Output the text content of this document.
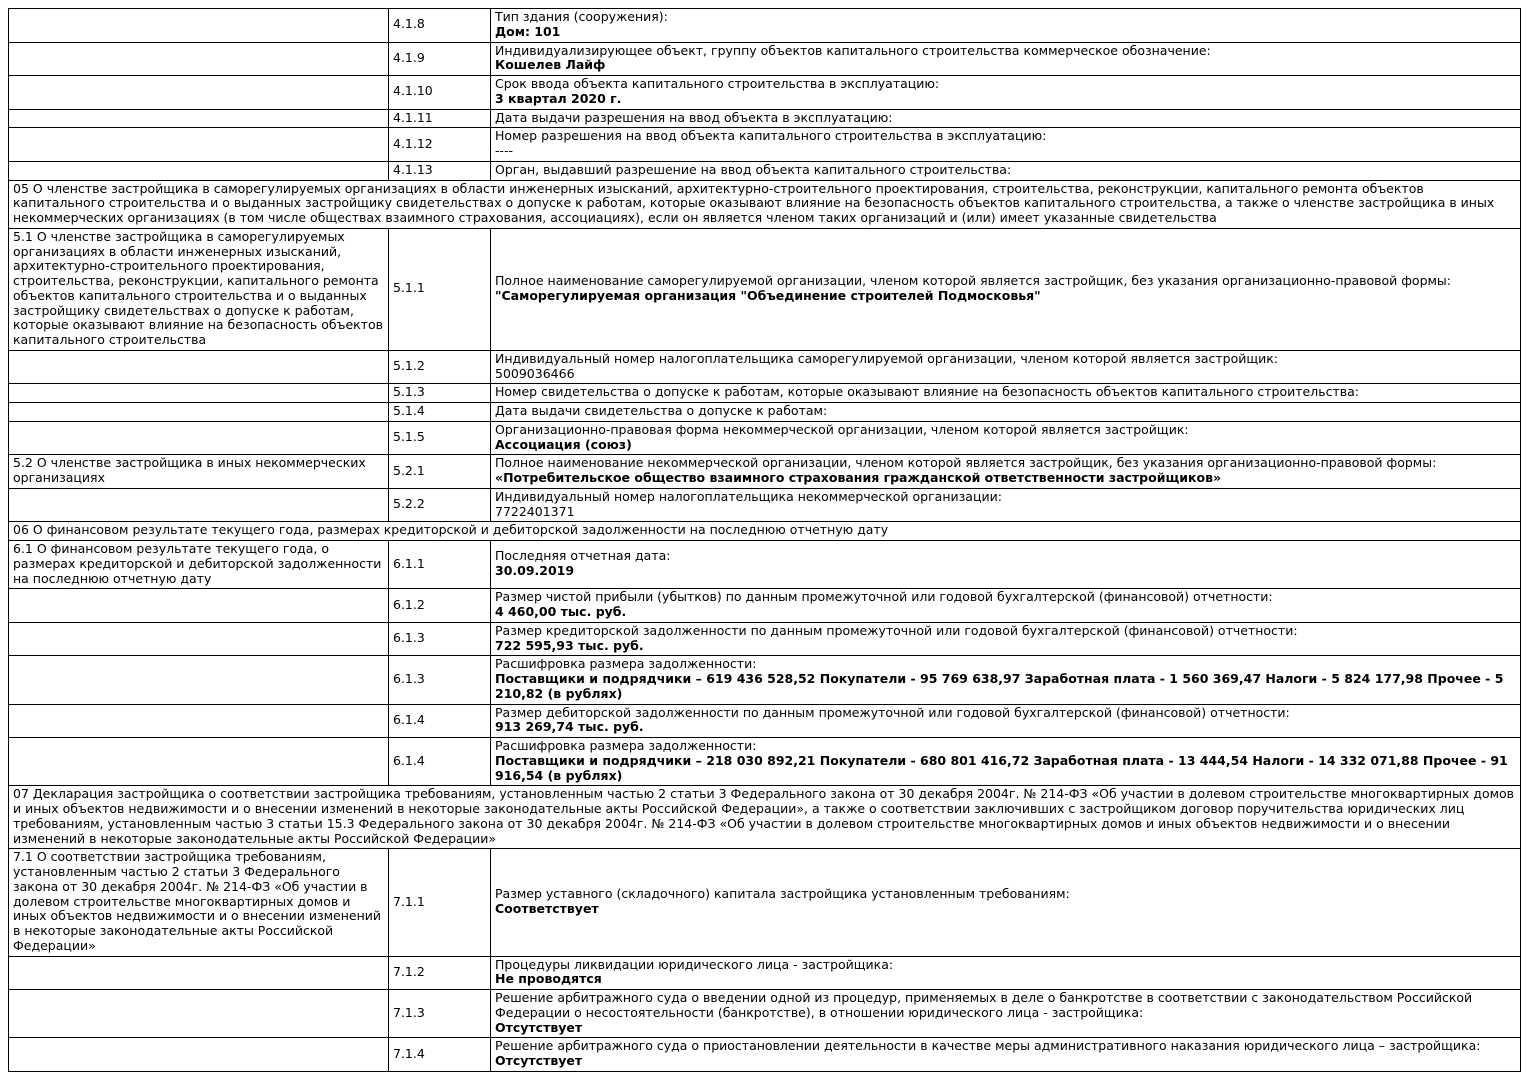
	4.1.8	Тип здания (сооружения):
Дом: 101

	4.1.9	Индивидуализирующее объект, группу объектов капитального строительства коммерческое обозначение:
Кошелев Лайф

	4.1.10	Срок ввода объекта капитального строительства в эксплуатацию:
3 квартал 2020 г.

	4.1.11	Дата выдачи разрешения на ввод объекта в эксплуатацию:

	4.1.12	Номер разрешения на ввод объекта капитального строительства в эксплуатацию:
----

	4.1.13	Орган, выдавший разрешение на ввод объекта капитального строительства:

05 О членстве застройщика в саморегулируемых организациях в области инженерных изысканий, архитектурно-строительного проектирования, строительства, реконструкции, капитального ремонта объектов капитального строительства и о выданных застройщику свидетельствах о допуске к работам, которые оказывают влияние на безопасность объектов капитального строительства, а также о членстве застройщика в иных некоммерческих организациях (в том числе обществах взаимного страхования, ассоциациях), если он является членом таких организаций и (или) имеет указанные свидетельства		
5.1 О членстве застройщика в саморегулируемых организациях в области инженерных изысканий, архитектурно-строительного проектирования, строительства, реконструкции, капитального ремонта объектов капитального строительства и о выданных застройщику свидетельствах о допуске к работам, которые оказывают влияние на безопасность объектов капитального строительства	5.1.1	Полное наименование саморегулируемой организации, членом которой является застройщик, без указания организационно-правовой формы:
"Саморегулируемая организация "Объединение строителей Подмосковья"

	5.1.2	Индивидуальный номер налогоплательщика саморегулируемой организации, членом которой является застройщик:
5009036466

	5.1.3	Номер свидетельства о допуске к работам, которые оказывают влияние на безопасность объектов капитального строительства:

	5.1.4	Дата выдачи свидетельства о допуске к работам:

	5.1.5	Организационно-правовая форма некоммерческой организации, членом которой является застройщик:
Ассоциация (союз)

5.2 О членстве застройщика в иных некоммерческих организациях	5.2.1	Полное наименование некоммерческой организации, членом которой является застройщик, без указания организационно-правовой формы:
«Потребительское общество взаимного страхования гражданской ответственности застройщиков»

	5.2.2	Индивидуальный номер налогоплательщика некоммерческой организации:
7722401371

06 О финансовом результате текущего года, размерах кредиторской и дебиторской задолженности на последнюю отчетную дату		
6.1 О финансовом результате текущего года, о размерах кредиторской и дебиторской задолженности на последнюю отчетную дату	6.1.1	Последняя отчетная дата:
30.09.2019

	6.1.2	Размер чистой прибыли (убытков) по данным промежуточной или годовой бухгалтерской (финансовой) отчетности:
4 460,00 тыс. руб.

	6.1.3	Размер кредиторской задолженности по данным промежуточной или годовой бухгалтерской (финансовой) отчетности:
722 595,93 тыс. руб.

	6.1.3	Расшифровка размера задолженности:
Поставщики и подрядчики – 619 436 528,52 Покупатели - 95 769 638,97 Заработная плата - 1 560 369,47 Налоги - 5 824 177,98 Прочее - 5 210,82 (в рублях)

	6.1.4	Размер дебиторской задолженности по данным промежуточной или годовой бухгалтерской (финансовой) отчетности:
913 269,74 тыс. руб.

	6.1.4	Расшифровка размера задолженности:
Поставщики и подрядчики – 218 030 892,21 Покупатели - 680 801 416,72 Заработная плата - 13 444,54 Налоги - 14 332 071,88 Прочее - 91 916,54 (в рублях)

07 Декларация застройщика о соответствии застройщика требованиям, установленным частью 2 статьи 3 Федерального закона от 30 декабря 2004г. № 214-ФЗ «Об участии в долевом строительстве многоквартирных домов и иных объектов недвижимости и о внесении изменений в некоторые законодательные акты Российской Федерации», а также о соответствии заключивших с застройщиком договор поручительства юридических лиц требованиям, установленным частью 3 статьи 15.3 Федерального закона от 30 декабря 2004г. № 214-ФЗ «Об участии в долевом строительстве многоквартирных домов и иных объектов недвижимости и о внесении изменений в некоторые законодательные акты Российской Федерации»		
7.1 О соответствии застройщика требованиям, установленным частью 2 статьи 3 Федерального закона от 30 декабря 2004г. № 214-ФЗ «Об участии в долевом строительстве многоквартирных домов и иных объектов недвижимости и о внесении изменений в некоторые законодательные акты Российской Федерации»	7.1.1	Размер уставного (складочного) капитала застройщика установленным требованиям:
Соответствует

	7.1.2	Процедуры ликвидации юридического лица - застройщика:
Не проводятся

	7.1.3	Решение арбитражного суда о введении одной из процедур, применяемых в деле о банкротстве в соответствии с законодательством Российской Федерации о несостоятельности (банкротстве), в отношении юридического лица - застройщика:
Отсутствует

	7.1.4	Решение арбитражного суда о приостановлении деятельности в качестве меры административного наказания юридического лица – застройщика:
Отсутствует
